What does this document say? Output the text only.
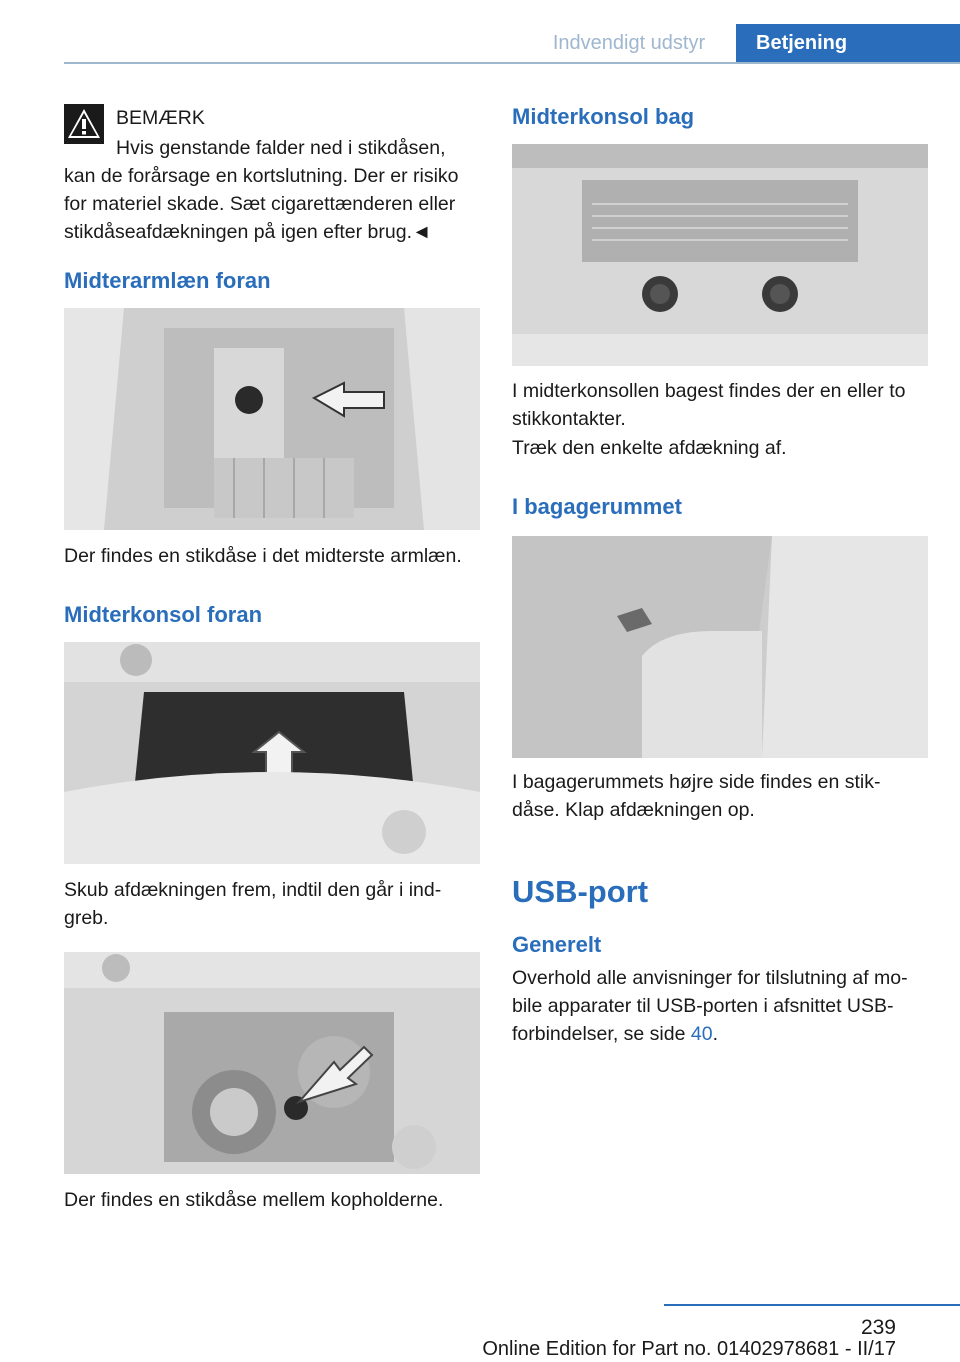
Indvendigt udstyr	Betjening

BEMÆRK

Hvis genstande falder ned i stikdåsen,

kan de forårsage en kortslutning. Der er risiko

for materiel skade. Sæt cigarettænderen eller

stikdåseafdækningen på igen efter brug.◄

Midterarmlæn foran

Der findes en stikdåse i det midterste armlæn.

Midterkonsol foran

Skub afdækningen frem, indtil den går i ind-

greb.

Der findes en stikdåse mellem kopholderne.

Midterkonsol bag

I midterkonsollen bagest findes der en eller to

stikkontakter.

Træk den enkelte afdækning af.

I bagagerummet

I bagagerummets højre side findes en stik-

dåse. Klap afdækningen op.

USB-port
Generelt

Overhold alle anvisninger for tilslutning af mo-

bile apparater til USB-porten i afsnittet USB-

forbindelser, se side 40.

239
Online Edition for Part no. 01402978681 - II/17
